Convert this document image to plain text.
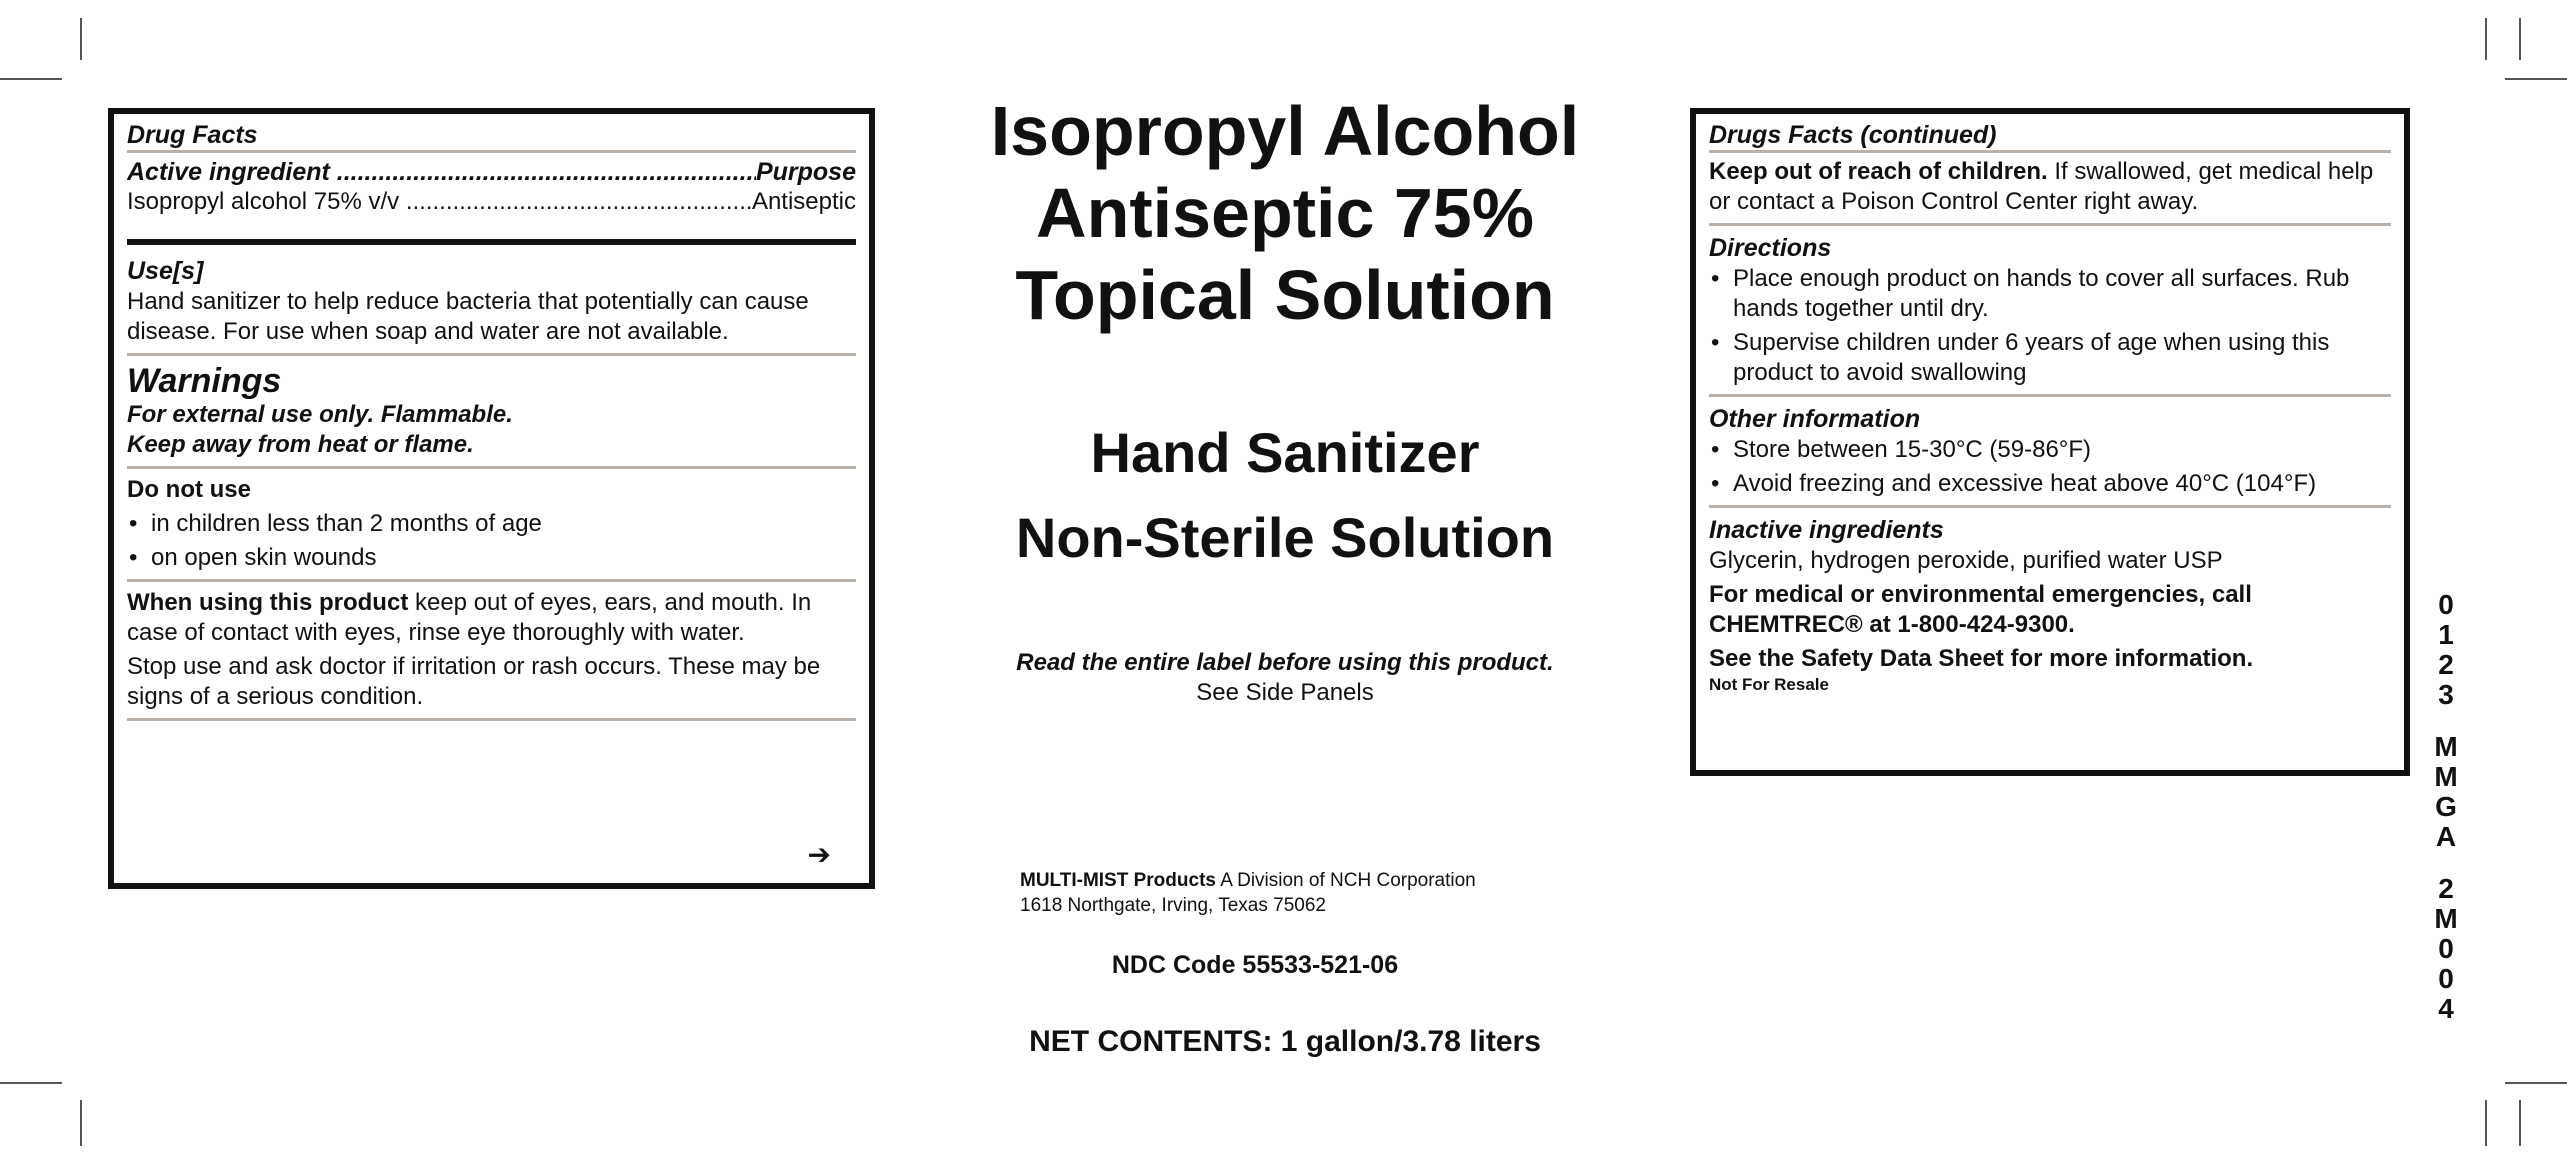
Drug Facts
Active ingredient .....	Purpose
Isopropyl alcohol 75% v/v .....	Antiseptic
Use[s]
Hand sanitizer to help reduce bacteria that potentially can cause disease. For use when soap and water are not available.
Warnings
For external use only. Flammable.
Keep away from heat or flame.
Do not use
• in children less than 2 months of age
• on open skin wounds
When using this product keep out of eyes, ears, and mouth. In case of contact with eyes, rinse eye thoroughly with water.
Stop use and ask doctor if irritation or rash occurs. These may be signs of a serious condition.
➔
Isopropyl Alcohol
Antiseptic 75%
Topical Solution
Hand Sanitizer
Non-Sterile Solution
Read the entire label before using this product.
See Side Panels
MULTI-MIST Products A Division of NCH Corporation
1618 Northgate, Irving, Texas 75062
NDC Code 55533-521-06
NET CONTENTS: 1 gallon/3.78 liters
Drugs Facts (continued)
Keep out of reach of children. If swallowed, get medical help or contact a Poison Control Center right away.
Directions
• Place enough product on hands to cover all surfaces. Rub hands together until dry.
• Supervise children under 6 years of age when using this product to avoid swallowing
Other information
• Store between 15-30°C (59-86°F)
• Avoid freezing and excessive heat above 40°C (104°F)
Inactive ingredients
Glycerin, hydrogen peroxide, purified water USP
For medical or environmental emergencies, call CHEMTREC® at 1-800-424-9300.
See the Safety Data Sheet for more information.
Not For Resale
0
1
2
3
M
M
G
A
2
M
0
0
4
